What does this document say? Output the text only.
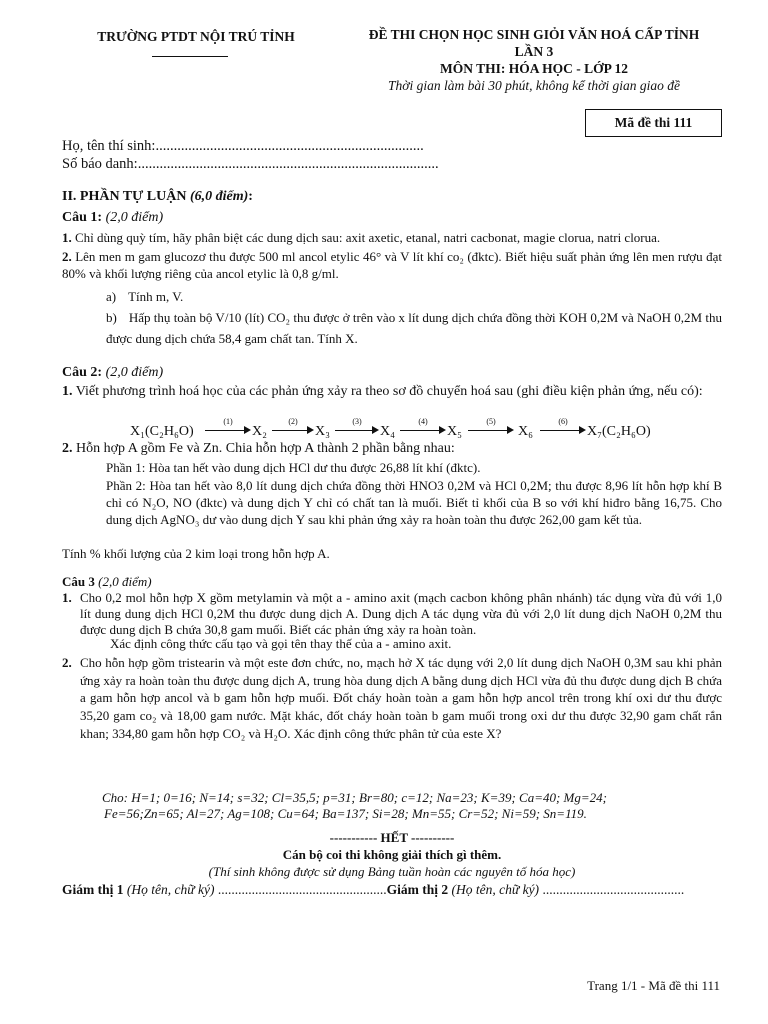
TRƯỜNG PTDT NỘI TRÚ TỈNH	ĐỀ THI CHỌN HỌC SINH GIỎI VĂN HOÁ CẤP TỈNH
LẦN 3
MÔN THI: HÓA HỌC - LỚP 12
Thời gian làm bài 30 phút, không kể thời gian giao đề
Mã đề thi 111
Họ, tên thí sinh:..........................................................................
Số báo danh:...................................................................................
II. PHẦN TỰ LUẬN (6,0 điểm):
Câu 1: (2,0 điểm)
1. Chỉ dùng quỳ tím, hãy phân biệt các dung dịch sau: axit axetic, etanal, natri cacbonat, magie clorua, natri clorua.
2. Lên men m gam glucozơ thu được 500 ml ancol etylic 46° và V lít khí co₂ (đktc). Biết hiệu suất phản ứng lên men rượu đạt 80% và khối lượng riêng của ancol etylic là 0,8 g/ml.
a) Tính m, V.
b) Hấp thụ toàn bộ V/10 (lít) CO₂ thu được ở trên vào x lít dung dịch chứa đồng thời KOH 0,2M và NaOH 0,2M thu được dung dịch chứa 58,4 gam chất tan. Tính X.
Câu 2: (2,0 điểm)
1. Viết phương trình hoá học của các phản ứng xảy ra theo sơ đồ chuyển hoá sau (ghi điều kiện phản ứng, nếu có):
X₁(C₂H₆O)
(1)
X₂
(2)
X₃
(3)
X₄
(4)
X₅
(5)
X₆
(6)
X₇(C₂H₆O)
2. Hỗn hợp A gồm Fe và Zn. Chia hỗn hợp A thành 2 phần bằng nhau:
Phần 1: Hòa tan hết vào dung dịch HCl dư thu được 26,88 lít khí (đktc).
Phần 2: Hòa tan hết vào 8,0 lít dung dịch chứa đồng thời HNO3 0,2M và HCl 0,2M; thu được 8,96 lít hỗn hợp khí B chỉ có N₂O, NO (đktc) và dung dịch Y chỉ có chất tan là muối. Biết tỉ khối của B so với khí hiđro bằng 16,75. Cho dung dịch AgNO₃ dư vào dung dịch Y sau khi phản ứng xảy ra hoàn toàn thu được 262,00 gam kết tủa.
Tính % khối lượng của 2 kim loại trong hỗn hợp A.
Câu 3 (2,0 điểm)
1. Cho 0,2 mol hỗn hợp X gồm metylamin và một a - amino axit (mạch cacbon không phân nhánh) tác dụng vừa đủ với 1,0 lít dung dung dịch HCl 0,2M thu được dung dịch A. Dung dịch A tác dụng vừa đủ với 2,0 lít dung dịch NaOH 0,2M thu được dung dịch B chứa 30,8 gam muối. Biết các phản ứng xảy ra hoàn toàn.
Xác định công thức cấu tạo và gọi tên thay thế của a - amino axit.
2. Cho hỗn hợp gồm tristearin và một este đơn chức, no, mạch hở X tác dụng với 2,0 lít dung dịch NaOH 0,3M sau khi phản ứng xảy ra hoàn toàn thu được dung dịch A, trung hòa dung dịch A bằng dung dịch HCl vừa đủ thu được dung dịch B chứa a gam hỗn hợp ancol và b gam hỗn hợp muối. Đốt cháy hoàn toàn a gam hỗn hợp ancol trên trong khí oxi dư thu được 35,20 gam co₂ và 18,00 gam nước. Mặt khác, đốt cháy hoàn toàn b gam muối trong oxi dư thu được 32,90 gam chất rắn khan; 334,80 gam hỗn hợp CO₂ và H₂O. Xác định công thức phân tử của este X?
Cho: H=1; 0=16; N=14; s=32; Cl=35,5; p=31; Br=80; c=12; Na=23; K=39; Ca=40; Mg=24;
Fe=56;Zn=65; Al=27; Ag=108; Cu=64; Ba=137; Si=28; Mn=55; Cr=52; Ni=59; Sn=119.
----------- HẾT ----------
Cán bộ coi thi không giải thích gì thêm.
(Thí sinh không được sử dụng Bảng tuần hoàn các nguyên tố hóa học)
Giám thị 1 (Họ tên, chữ ký) ..................................................Giám thị 2 (Họ tên, chữ ký) ..........................................
Trang 1/1 - Mã đề thi 111
